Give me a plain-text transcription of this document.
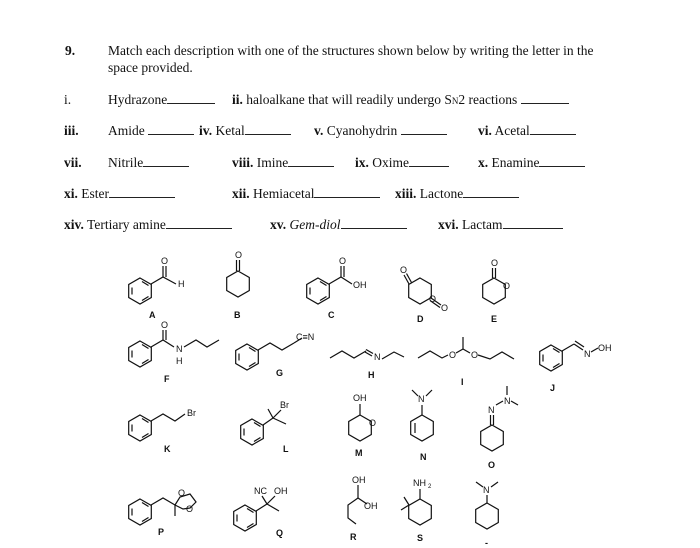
9. Match each description with one of the structures shown below by writing the letter in the
space provided.
i.	Hydrazone	ii. haloalkane that will readily undergo SN2 reactions
iii. Amide	iv. Ketal	v. Cyanohydrin	vi. Acetal
vii. Nitrile	viii. Imine	ix. Oxime	x. Enamine
xi. Ester	xii. Hemiacetal	xiii. Lactone
xiv. Tertiary amine	xv. Gem-diol	xvi. Lactam
O
H
A
O
B
O
OH
C
O
O
O
D
O
O
E
O
N
H
F
C≡N
G
N
H
O O
I
N
OH
J
Br
K
Br
L
OH
O
M
N
N
N
N
O
O
O
P
NC OH
Q
OH
OH
R
NH 2
S
N
-
